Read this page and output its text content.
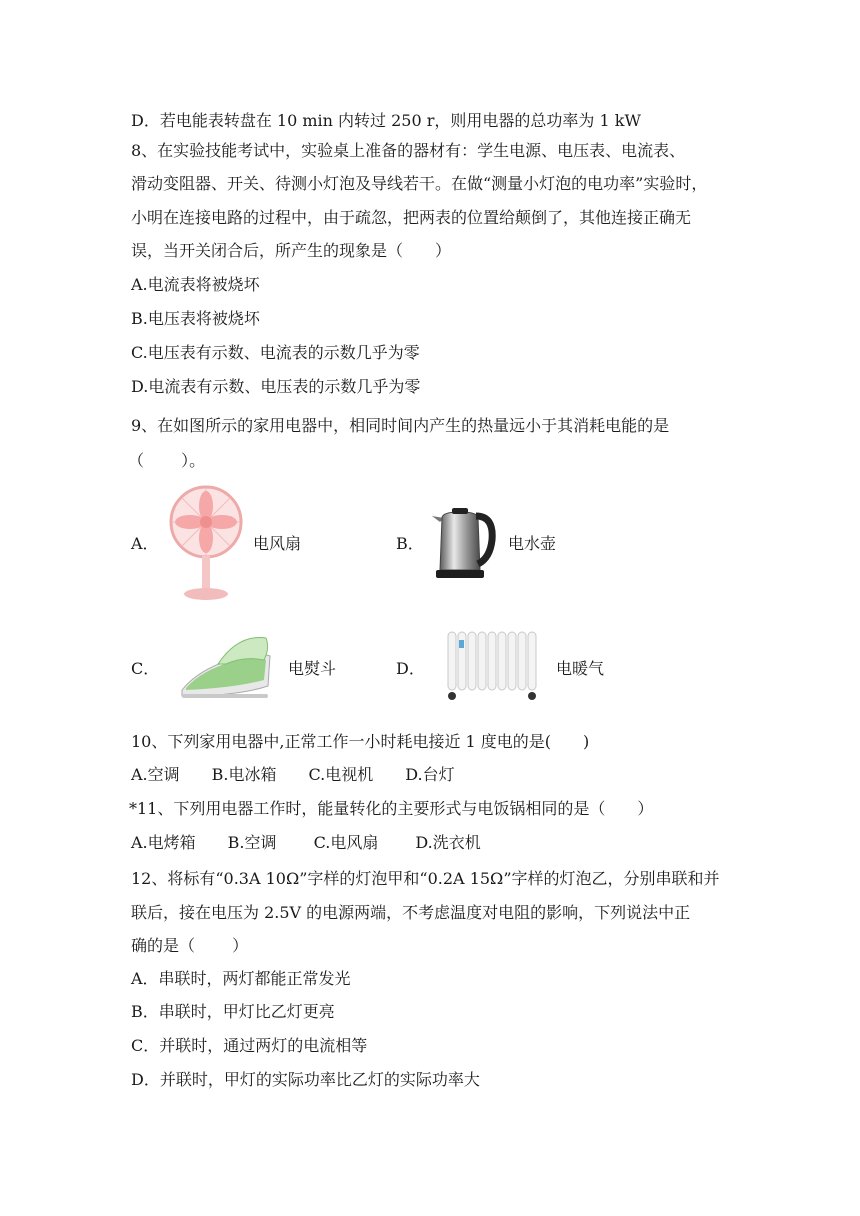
D．若电能表转盘在 10 min 内转过 250 r，则用电器的总功率为 1 kW
8、在实验技能考试中，实验桌上准备的器材有：学生电源、电压表、电流表、
滑动变阻器、开关、待测小灯泡及导线若干。在做“测量小灯泡的电功率”实验时，
小明在连接电路的过程中，由于疏忽，把两表的位置给颠倒了，其他连接正确无
误，当开关闭合后，所产生的现象是（　　）
A.电流表将被烧坏
B.电压表将被烧坏
C.电压表有示数、电流表的示数几乎为零
D.电流表有示数、电压表的示数几乎为零
9、在如图所示的家用电器中，相同时间内产生的热量远小于其消耗电能的是
（　　 ）。
A．	电风扇	B．	电水壶
C．	电熨斗	D．	电暖气
10、下列家用电器中,正常工作一小时耗电接近 1 度电的是(　　)
A.空调　　B.电冰箱　　C.电视机　　D.台灯
*11、下列用电器工作时，能量转化的主要形式与电饭锅相同的是（　　）
A.电烤箱　　B.空调　　 C.电风扇　　 D.洗衣机
12、将标有“0.3A 10Ω”字样的灯泡甲和“0.2A 15Ω”字样的灯泡乙，分别串联和并
联后，接在电压为 2.5V 的电源两端，不考虑温度对电阻的影响，下列说法中正
确的是（　　 ）
A．串联时，两灯都能正常发光
B．串联时，甲灯比乙灯更亮
C．并联时，通过两灯的电流相等
D．并联时，甲灯的实际功率比乙灯的实际功率大
